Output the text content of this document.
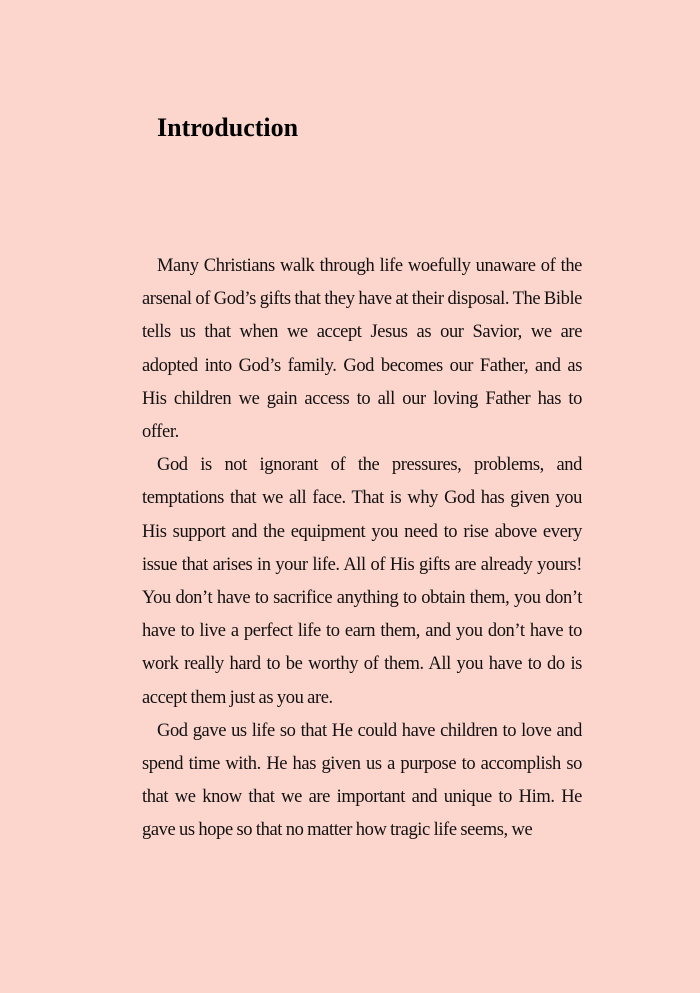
Introduction

Many Christians walk through life woefully unaware of the arsenal of God’s gifts that they have at their disposal. The Bible tells us that when we accept Jesus as our Savior, we are adopted into God’s family. God becomes our Father, and as His children we gain access to all our loving Father has to offer.

God is not ignorant of the pressures, problems, and temptations that we all face. That is why God has given you His support and the equipment you need to rise above every issue that arises in your life. All of His gifts are already yours! You don’t have to sacrifice anything to obtain them, you don’t have to live a perfect life to earn them, and you don’t have to work really hard to be worthy of them. All you have to do is accept them just as you are.

God gave us life so that He could have children to love and spend time with. He has given us a purpose to accomplish so that we know that we are important and unique to Him. He gave us hope so that no matter how tragic life seems, we
